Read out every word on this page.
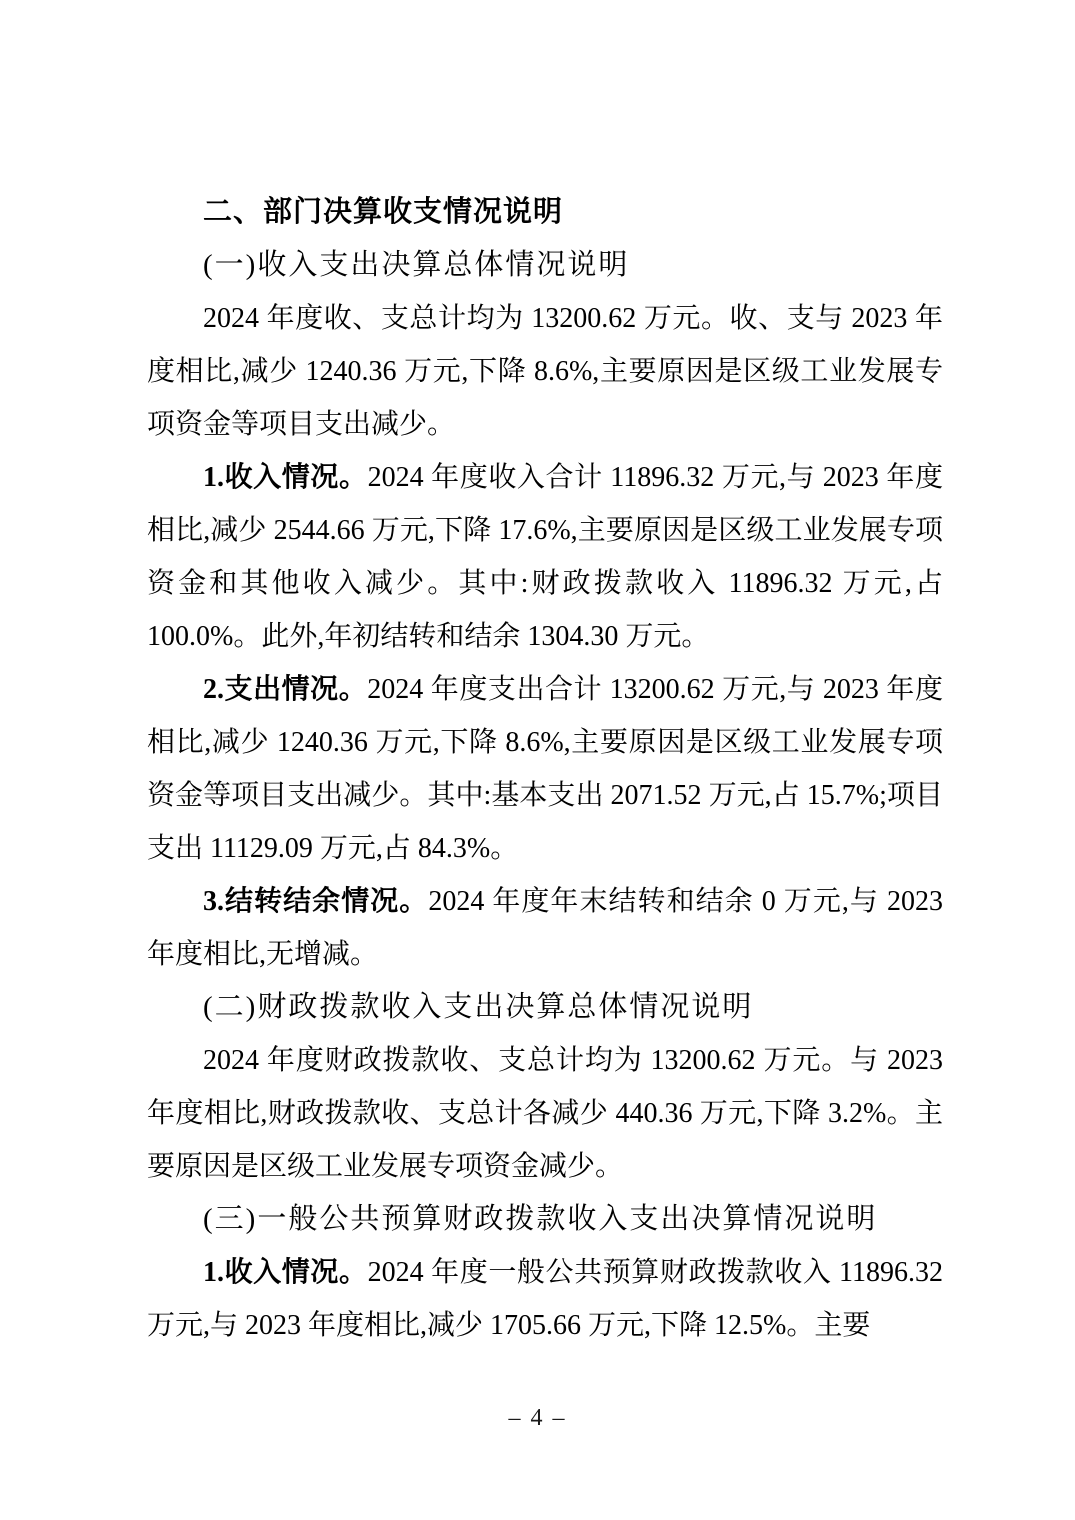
二、部门决算收支情况说明
(一)收入支出决算总体情况说明
2024 年度收、支总计均为 13200.62 万元。收、支与 2023 年度相比,减少 1240.36 万元,下降 8.6%,主要原因是区级工业发展专项资金等项目支出减少。
1.收入情况。2024 年度收入合计 11896.32 万元,与 2023 年度相比,减少 2544.66 万元,下降 17.6%,主要原因是区级工业发展专项资金和其他收入减少。其中:财政拨款收入 11896.32 万元,占 100.0%。此外,年初结转和结余 1304.30 万元。
2.支出情况。2024 年度支出合计 13200.62 万元,与 2023 年度相比,减少 1240.36 万元,下降 8.6%,主要原因是区级工业发展专项资金等项目支出减少。其中:基本支出 2071.52 万元,占 15.7%;项目支出 11129.09 万元,占 84.3%。
3.结转结余情况。2024 年度年末结转和结余 0 万元,与 2023 年度相比,无增减。
(二)财政拨款收入支出决算总体情况说明
2024 年度财政拨款收、支总计均为 13200.62 万元。与 2023 年度相比,财政拨款收、支总计各减少 440.36 万元,下降 3.2%。主要原因是区级工业发展专项资金减少。
(三)一般公共预算财政拨款收入支出决算情况说明
1.收入情况。2024 年度一般公共预算财政拨款收入 11896.32 万元,与 2023 年度相比,减少 1705.66 万元,下降 12.5%。主要
– 4 –
